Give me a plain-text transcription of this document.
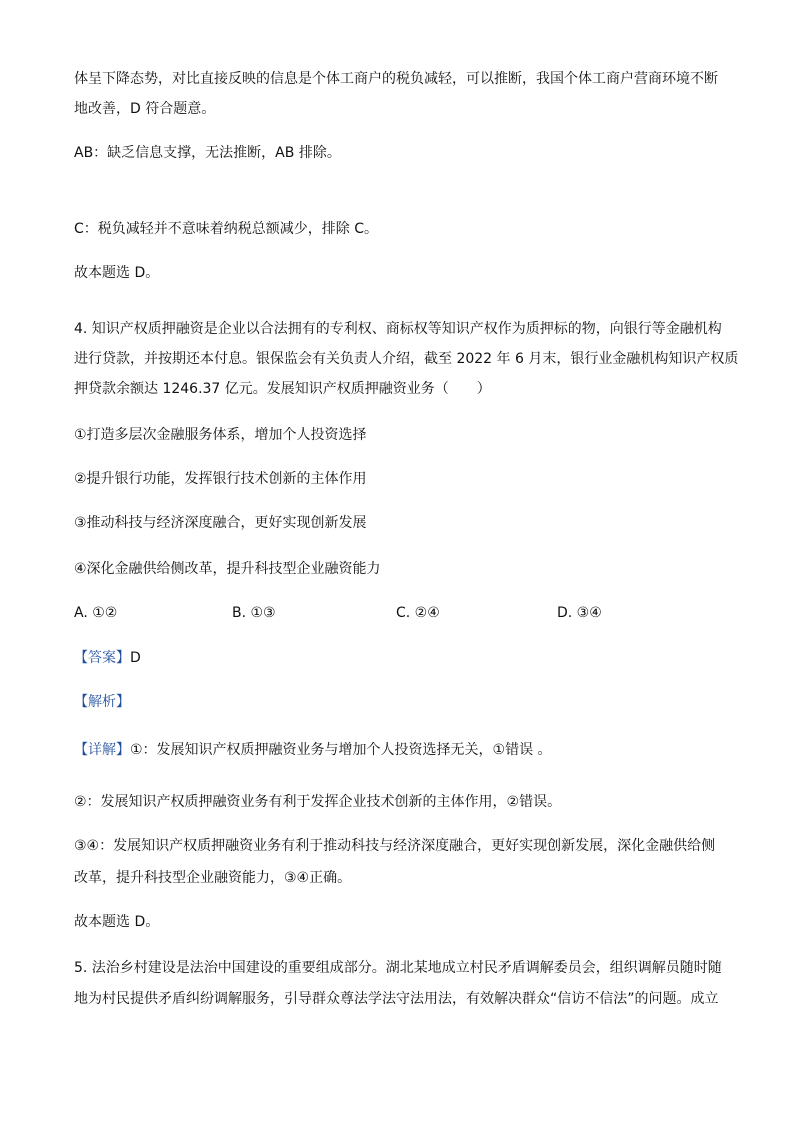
体呈下降态势，对比直接反映的信息是个体工商户的税负减轻，可以推断，我国个体工商户营商环境不断
地改善，D 符合题意。
AB：缺乏信息支撑，无法推断，AB 排除。
C：税负减轻并不意味着纳税总额减少，排除 C。
故本题选 D。
4. 知识产权质押融资是企业以合法拥有的专利权、商标权等知识产权作为质押标的物，向银行等金融机构
进行贷款，并按期还本付息。银保监会有关负责人介绍，截至 2022 年 6 月末，银行业金融机构知识产权质
押贷款余额达 1246.37 亿元。发展知识产权质押融资业务（　　）
①打造多层次金融服务体系，增加个人投资选择
②提升银行功能，发挥银行技术创新的主体作用
③推动科技与经济深度融合，更好实现创新发展
④深化金融供给侧改革，提升科技型企业融资能力
A. ①②	B. ①③	C. ②④	D. ③④
【答案】D
【解析】
【详解】①：发展知识产权质押融资业务与增加个人投资选择无关，①错误 。
②：发展知识产权质押融资业务有利于发挥企业技术创新的主体作用，②错误。
③④：发展知识产权质押融资业务有利于推动科技与经济深度融合，更好实现创新发展，深化金融供给侧
改革，提升科技型企业融资能力，③④正确。
故本题选 D。
5. 法治乡村建设是法治中国建设的重要组成部分。湖北某地成立村民矛盾调解委员会，组织调解员随时随
地为村民提供矛盾纠纷调解服务，引导群众尊法学法守法用法，有效解决群众“信访不信法”的问题。成立
